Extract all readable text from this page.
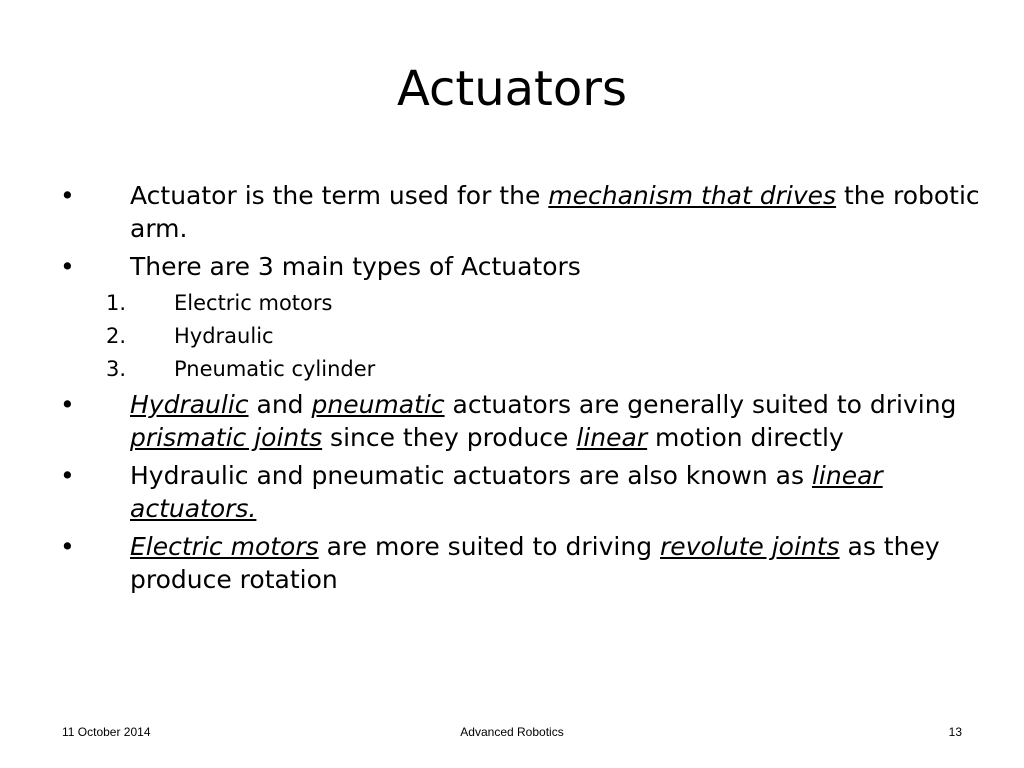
Actuators
• Actuator is the term used for the mechanism that drives the robotic arm.
• There are 3 main types of Actuators
1. Electric motors
2. Hydraulic
3. Pneumatic cylinder
• Hydraulic and pneumatic actuators are generally suited to driving prismatic joints since they produce linear motion directly
• Hydraulic and pneumatic actuators are also known as linear actuators.
• Electric motors are more suited to driving revolute joints as they produce rotation
11 October 2014	Advanced Robotics	13
